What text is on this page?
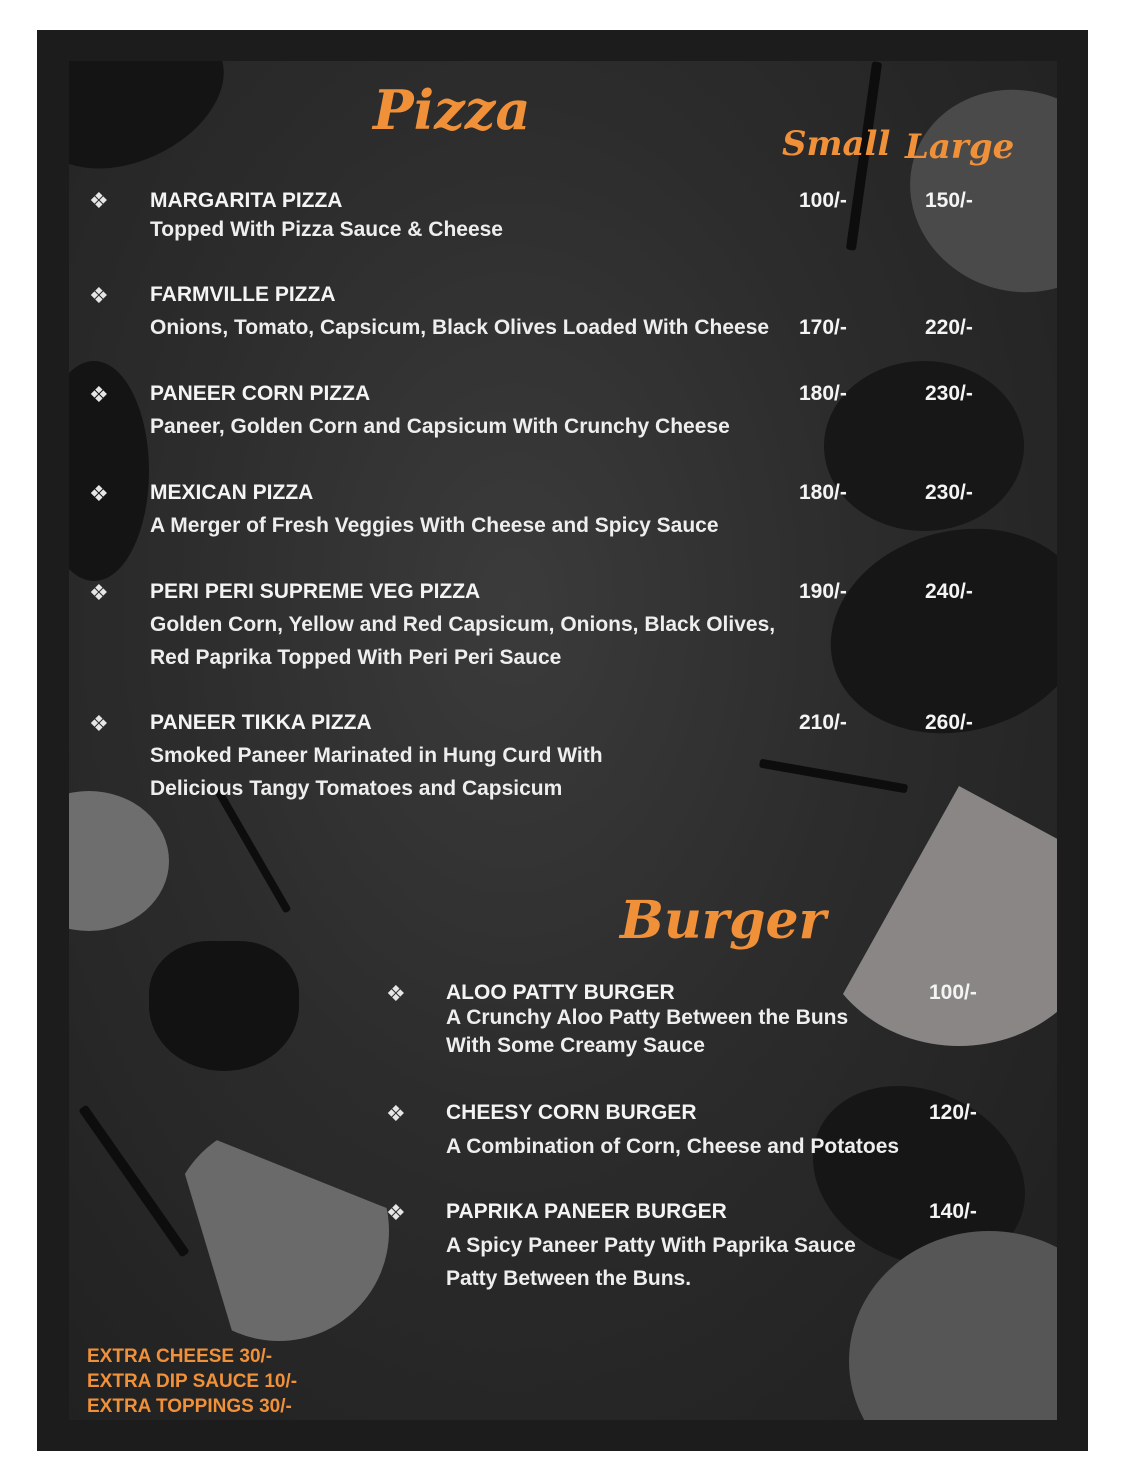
Pizza
Small Large
❖ MARGARITA PIZZA
Topped With Pizza Sauce & Cheese
100/-	150/-
❖ FARMVILLE PIZZA
Onions, Tomato, Capsicum, Black Olives Loaded With Cheese 170/-	220/-
❖ PANEER CORN PIZZA
Paneer, Golden Corn and Capsicum With Crunchy Cheese
180/-	230/-
❖ MEXICAN PIZZA
A Merger of Fresh Veggies With Cheese and Spicy Sauce
180/-	230/-
❖ PERI PERI SUPREME VEG PIZZA
Golden Corn, Yellow and Red Capsicum, Onions, Black Olives,
Red Paprika Topped With Peri Peri Sauce
190/-	240/-
❖ PANEER TIKKA PIZZA
Smoked Paneer Marinated in Hung Curd With
Delicious Tangy Tomatoes and Capsicum
210/-	260/-
Burger
❖ ALOO PATTY BURGER
A Crunchy Aloo Patty Between the Buns
With Some Creamy Sauce
100/-
❖ CHEESY CORN BURGER
A Combination of Corn, Cheese and Potatoes
120/-
❖ PAPRIKA PANEER BURGER
A Spicy Paneer Patty With Paprika Sauce
Patty Between the Buns.
140/-
EXTRA CHEESE 30/-
EXTRA DIP SAUCE 10/-
EXTRA TOPPINGS 30/-
